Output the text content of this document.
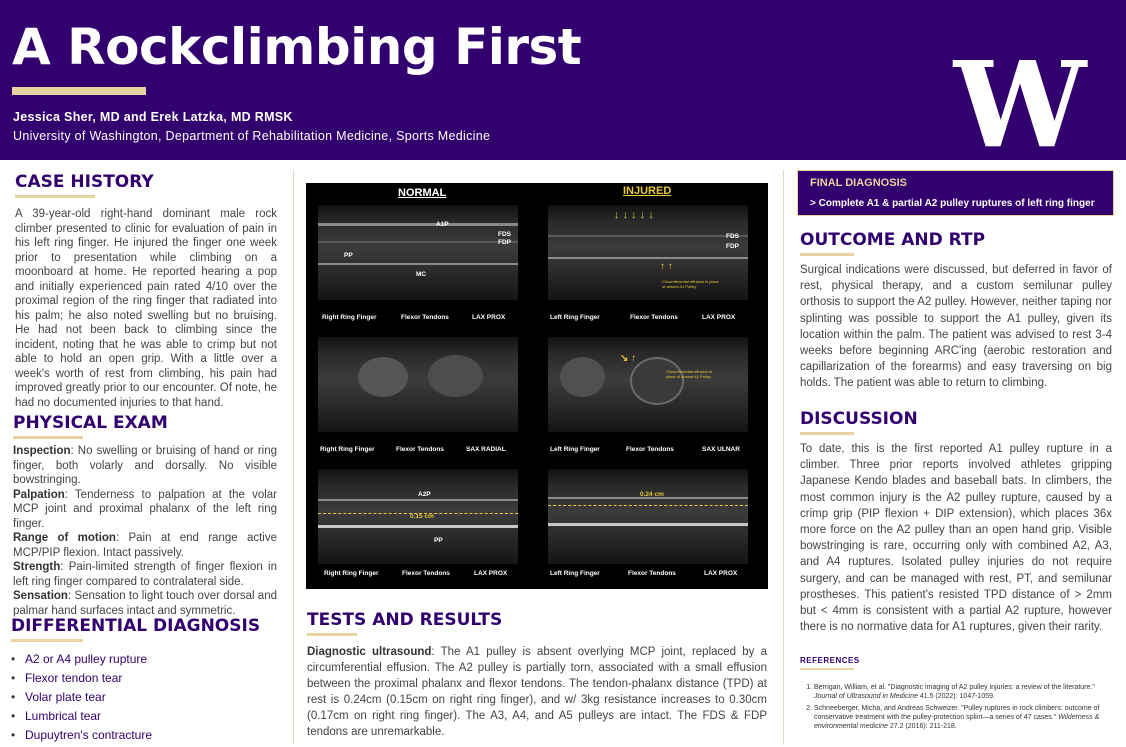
A Rockclimbing First
Jessica Sher, MD and Erek Latzka, MD RMSK
University of Washington, Department of Rehabilitation Medicine, Sports Medicine	W
CASE HISTORY

A 39-year-old right-hand dominant male rock climber presented to clinic for evaluation of pain in his left ring finger. He injured the finger one week prior to presentation while climbing on a moonboard at home. He reported hearing a pop and initially experienced pain rated 4/10 over the proximal region of the ring finger that radiated into his palm; he also noted swelling but no bruising. He had not been back to climbing since the incident, noting that he was able to crimp but not able to hold an open grip. With a little over a week's worth of rest from climbing, his pain had improved greatly prior to our encounter. Of note, he had no documented injuries to that hand.

PHYSICAL EXAM

Inspection: No swelling or bruising of hand or ring finger, both volarly and dorsally. No visible bowstringing.

Palpation: Tenderness to palpation at the volar MCP joint and proximal phalanx of the left ring finger.

Range of motion: Pain at end range active MCP/PIP flexion. Intact passively.

Strength: Pain-limited strength of finger flexion in left ring finger compared to contralateral side.

Sensation: Sensation to light touch over dorsal and palmar hand surfaces intact and symmetric.

DIFFERENTIAL DIAGNOSIS
• A2 or A4 pulley rupture
• Flexor tendon tear
• Volar plate tear
• Lumbrical tear
• Dupuytren's contracture
NORMAL	INJURED
A1P
FDS
FDP
PP
MC
Right Ring Finger	Flexor Tendons	LAX PROX
↓ ↓ ↓ ↓ ↓
FDS
FDP
↑ ↑
Circumferential effusion in place of absent A1 Pulley
Left Ring Finger	Flexor Tendons	LAX PROX
Right Ring Finger	Flexor Tendons	SAX RADIAL
↘ ↑
Circumferential effusion in place of absent A1 Pulley
Left Ring Finger	Flexor Tendons	SAX ULNAR
A2P
0.15 cm
PP
Right Ring Finger	Flexor Tendons	LAX PROX
0.24 cm
Left Ring Finger	Flexor Tendons	LAX PROX
TESTS AND RESULTS

Diagnostic ultrasound: The A1 pulley is absent overlying MCP joint, replaced by a circumferential effusion. The A2 pulley is partially torn, associated with a small effusion between the proximal phalanx and flexor tendons. The tendon-phalanx distance (TPD) at rest is 0.24cm (0.15cm on right ring finger), and w/ 3kg resistance increases to 0.30cm (0.17cm on right ring finger). The A3, A4, and A5 pulleys are intact. The FDS & FDP tendons are unremarkable.

FINAL DIAGNOSIS
> Complete A1 & partial A2 pulley ruptures of left ring finger
OUTCOME AND RTP

Surgical indications were discussed, but deferred in favor of rest, physical therapy, and a custom semilunar pulley orthosis to support the A2 pulley. However, neither taping nor splinting was possible to support the A1 pulley, given its location within the palm. The patient was advised to rest 3-4 weeks before beginning ARC'ing (aerobic restoration and capillarization of the forearms) and easy traversing on big holds. The patient was able to return to climbing.

DISCUSSION

To date, this is the first reported A1 pulley rupture in a climber. Three prior reports involved athletes gripping Japanese Kendo blades and baseball bats. In climbers, the most common injury is the A2 pulley rupture, caused by a crimp grip (PIP flexion + DIP extension), which places 36x more force on the A2 pulley than an open hand grip. Visible bowstringing is rare, occurring only with combined A2, A3, and A4 ruptures. Isolated pulley injuries do not require surgery, and can be managed with rest, PT, and semilunar prostheses. This patient's resisted TPD distance of > 2mm but < 4mm is consistent with a partial A2 rupture, however there is no normative data for A1 ruptures, given their rarity.

REFERENCES
1. Berrigan, William, et al. "Diagnostic imaging of A2 pulley injuries: a review of the literature." Journal of Ultrasound in Medicine 41.5 (2022): 1047-1059.
2. Schneeberger, Micha, and Andreas Schweizer. "Pulley ruptures in rock climbers: outcome of conservative treatment with the pulley-protection splint—a series of 47 cases." Wilderness & environmental medicine 27.2 (2016): 211-218.
